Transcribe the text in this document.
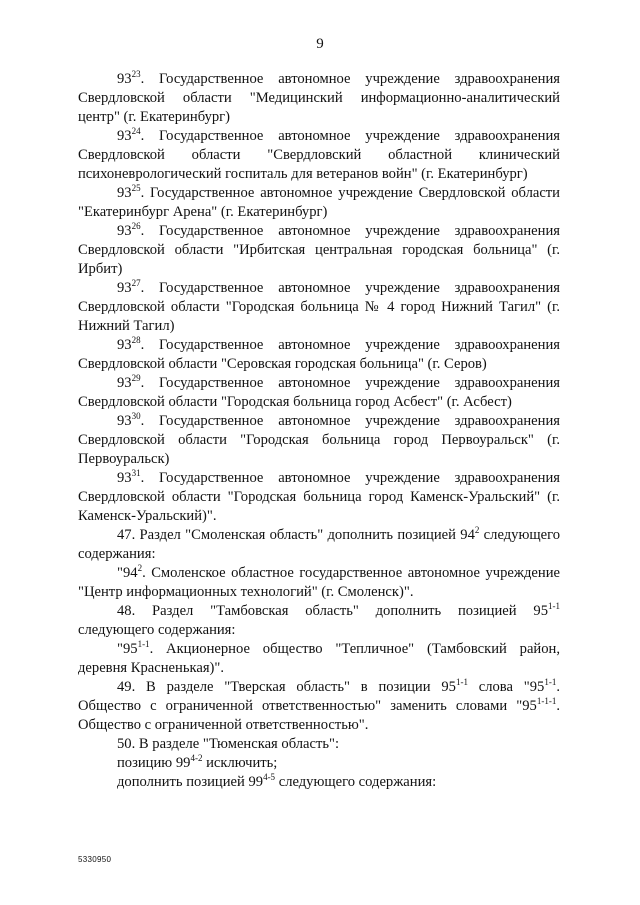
9

$93^{23}$. Государственное автономное учреждение здравоохранения Свердловской области "Медицинский информационно-аналитический центр" (г. Екатеринбург)

$93^{24}$. Государственное автономное учреждение здравоохранения Свердловской области "Свердловский областной клинический психоневрологический госпиталь для ветеранов войн" (г. Екатеринбург)

$93^{25}$. Государственное автономное учреждение Свердловской области "Екатеринбург Арена" (г. Екатеринбург)

$93^{26}$. Государственное автономное учреждение здравоохранения Свердловской области "Ирбитская центральная городская больница" (г. Ирбит)

$93^{27}$. Государственное автономное учреждение здравоохранения Свердловской области "Городская больница № 4 город Нижний Тагил" (г. Нижний Тагил)

$93^{28}$. Государственное автономное учреждение здравоохранения Свердловской области "Серовская городская больница" (г. Серов)

$93^{29}$. Государственное автономное учреждение здравоохранения Свердловской области "Городская больница город Асбест" (г. Асбест)

$93^{30}$. Государственное автономное учреждение здравоохранения Свердловской области "Городская больница город Первоуральск" (г. Первоуральск)

$93^{31}$. Государственное автономное учреждение здравоохранения Свердловской области "Городская больница город Каменск-Уральский" (г. Каменск-Уральский)".

47. Раздел "Смоленская область" дополнить позицией $94^2$ следующего содержания:

"$94^2$. Смоленское областное государственное автономное учреждение "Центр информационных технологий" (г. Смоленск)".

48. Раздел "Тамбовская область" дополнить позицией 95$^{1-1}$ следующего содержания:

"95$^{1-1}$. Акционерное общество "Тепличное" (Тамбовский район, деревня Красненькая)".

49. В разделе "Тверская область" в позиции 95$^{1-1}$ слова "95$^{1-1}$. Общество с ограниченной ответственностью" заменить словами "95$^{1-1-1}$. Общество с ограниченной ответственностью".

50. В разделе "Тюменская область":

позицию 99$^{4-2}$ исключить;

дополнить позицией 99$^{4-5}$ следующего содержания:

5330950
